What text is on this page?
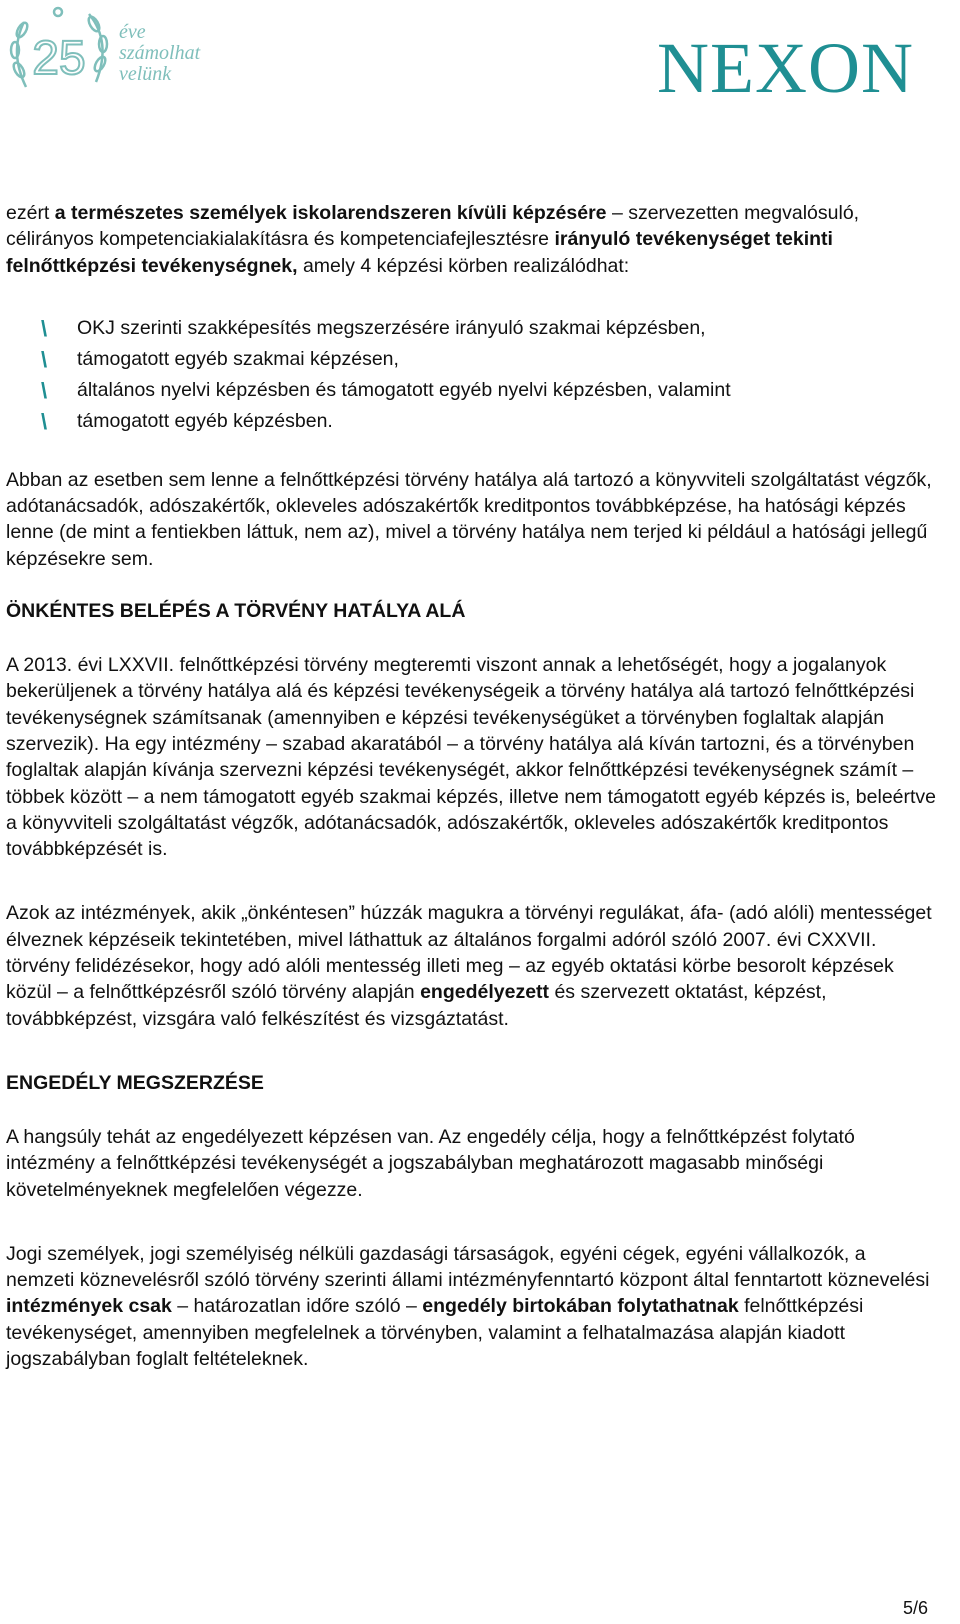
25 éve
számolhat
velünk	NEXON

ezért a természetes személyek iskolarendszeren kívüli képzésére – szervezetten megvalósuló, célirányos kompetenciakialakításra és kompetenciafejlesztésre irányuló tevékenységet tekinti felnőttképzési tevékenységnek, amely 4 képzési körben realizálódhat:

\ OKJ szerinti szakképesítés megszerzésére irányuló szakmai képzésben,
\ támogatott egyéb szakmai képzésen,
\ általános nyelvi képzésben és támogatott egyéb nyelvi képzésben, valamint
\ támogatott egyéb képzésben.

Abban az esetben sem lenne a felnőttképzési törvény hatálya alá tartozó a könyvviteli szolgáltatást végzők, adótanácsadók, adószakértők, okleveles adószakértők kreditpontos továbbképzése, ha hatósági képzés lenne (de mint a fentiekben láttuk, nem az), mivel a törvény hatálya nem terjed ki például a hatósági jellegű képzésekre sem.

ÖNKÉNTES BELÉPÉS A TÖRVÉNY HATÁLYA ALÁ

A 2013. évi LXXVII. felnőttképzési törvény megteremti viszont annak a lehetőségét, hogy a jogalanyok bekerüljenek a törvény hatálya alá és képzési tevékenységeik a törvény hatálya alá tartozó felnőttképzési tevékenységnek számítsanak (amennyiben e képzési tevékenységüket a törvényben foglaltak alapján szervezik). Ha egy intézmény – szabad akaratából – a törvény hatálya alá kíván tartozni, és a törvényben foglaltak alapján kívánja szervezni képzési tevékenységét, akkor felnőttképzési tevékenységnek számít – többek között – a nem támogatott egyéb szakmai képzés, illetve nem támogatott egyéb képzés is, beleértve a könyvviteli szolgáltatást végzők, adótanácsadók, adószakértők, okleveles adószakértők kreditpontos továbbképzését is.

Azok az intézmények, akik „önkéntesen” húzzák magukra a törvényi regulákat, áfa- (adó alóli) mentességet élveznek képzéseik tekintetében, mivel láthattuk az általános forgalmi adóról szóló 2007. évi CXXVII. törvény felidézésekor, hogy adó alóli mentesség illeti meg – az egyéb oktatási körbe besorolt képzések közül – a felnőttképzésről szóló törvény alapján engedélyezett és szervezett oktatást, képzést, továbbképzést, vizsgára való felkészítést és vizsgáztatást.

ENGEDÉLY MEGSZERZÉSE

A hangsúly tehát az engedélyezett képzésen van. Az engedély célja, hogy a felnőttképzést folytató intézmény a felnőttképzési tevékenységét a jogszabályban meghatározott magasabb minőségi követelményeknek megfelelően végezze.

Jogi személyek, jogi személyiség nélküli gazdasági társaságok, egyéni cégek, egyéni vállalkozók, a nemzeti köznevelésről szóló törvény szerinti állami intézményfenntartó központ által fenntartott köznevelési intézmények csak – határozatlan időre szóló – engedély birtokában folytathatnak felnőttképzési tevékenységet, amennyiben megfelelnek a törvényben, valamint a felhatalmazása alapján kiadott jogszabályban foglalt feltételeknek.

5/6
